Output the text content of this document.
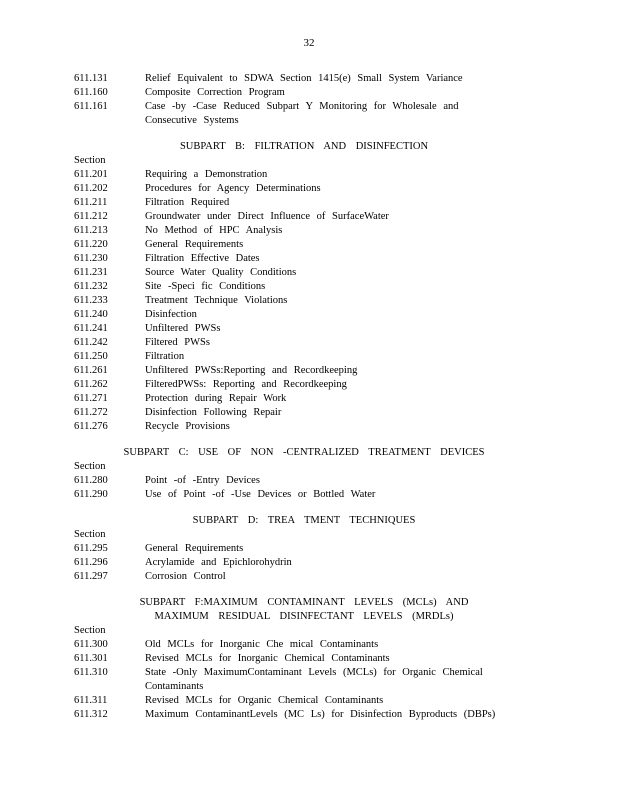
32
611.131	Relief Equivalent to SDWA Section 1415(e) Small System Variance
611.160	Composite Correction Program
611.161	Case -by -Case Reduced Subpart Y Monitoring for Wholesale and Consecutive Systems
SUBPART B: FILTRATION AND DISINFECTION
Section
611.201	Requiring a Demonstration
611.202	Procedures for Agency Determinations
611.211	Filtration Required
611.212	Groundwater under Direct Influence of SurfaceWater
611.213	No Method of HPC Analysis
611.220	General Requirements
611.230	Filtration Effective Dates
611.231	Source Water Quality Conditions
611.232	Site -Speci fic Conditions
611.233	Treatment Technique Violations
611.240	Disinfection
611.241	Unfiltered PWSs
611.242	Filtered PWSs
611.250	Filtration
611.261	Unfiltered PWSs:Reporting and Recordkeeping
611.262	FilteredPWSs: Reporting and Recordkeeping
611.271	Protection during Repair Work
611.272	Disinfection Following Repair
611.276	Recycle Provisions
SUBPART C: USE OF NON -CENTRALIZED TREATMENT DEVICES
Section
611.280	Point -of -Entry Devices
611.290	Use of Point -of -Use Devices or Bottled Water
SUBPART D: TREA TMENT TECHNIQUES
Section
611.295	General Requirements
611.296	Acrylamide and Epichlorohydrin
611.297	Corrosion Control
SUBPART F:MAXIMUM CONTAMINANT LEVELS (MCLs) AND
MAXIMUM RESIDUAL DISINFECTANT LEVELS (MRDLs)
Section
611.300	Old MCLs for Inorganic Che mical Contaminants
611.301	Revised MCLs for Inorganic Chemical Contaminants
611.310	State -Only MaximumContaminant Levels (MCLs) for Organic Chemical Contaminants
611.311	Revised MCLs for Organic Chemical Contaminants
611.312	Maximum ContaminantLevels (MC Ls) for Disinfection Byproducts (DBPs)
